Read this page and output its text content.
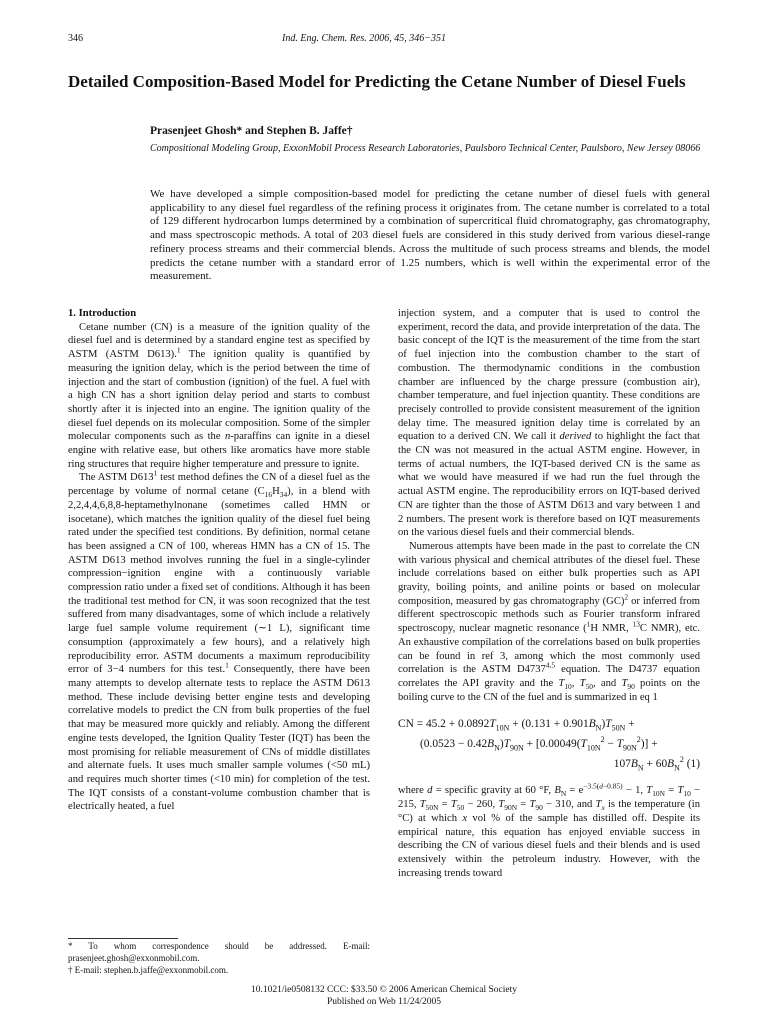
346	Ind. Eng. Chem. Res. 2006, 45, 346−351
Detailed Composition-Based Model for Predicting the Cetane Number of Diesel Fuels
Prasenjeet Ghosh* and Stephen B. Jaffe†
Compositional Modeling Group, ExxonMobil Process Research Laboratories, Paulsboro Technical Center, Paulsboro, New Jersey 08066
We have developed a simple composition-based model for predicting the cetane number of diesel fuels with general applicability to any diesel fuel regardless of the refining process it originates from. The cetane number is correlated to a total of 129 different hydrocarbon lumps determined by a combination of supercritical fluid chromatography, gas chromatography, and mass spectroscopic methods. A total of 203 diesel fuels are considered in this study derived from various diesel-range refinery process streams and their commercial blends. Across the multitude of such process streams and blends, the model predicts the cetane number with a standard error of 1.25 numbers, which is well within the experimental error of the measurement.
1. Introduction

Cetane number (CN) is a measure of the ignition quality of the diesel fuel and is determined by a standard engine test as specified by ASTM (ASTM D613).$^1$ The ignition quality is quantified by measuring the ignition delay, which is the period between the time of injection and the start of combustion (ignition) of the fuel. A fuel with a high CN has a short ignition delay period and starts to combust shortly after it is injected into an engine. The ignition quality of the diesel fuel depends on its molecular composition. Some of the simpler molecular components such as the n-paraffins can ignite in a diesel engine with relative ease, but others like aromatics have more stable ring structures that require higher temperature and pressure to ignite.

The ASTM $D613^1$ test method defines the CN of a diesel fuel as the percentage by volume of normal cetane $(C_{16}H_{34})$, in a blend with 2,2,4,4,6,8,8-heptamethylnonane (sometimes called HMN or isocetane), which matches the ignition quality of the diesel fuel being rated under the specified test conditions. By definition, normal cetane has been assigned a CN of 100, whereas HMN has a CN of 15. The ASTM D613 method involves running the fuel in a single-cylinder compression−ignition engine with a continuously variable compression ratio under a fixed set of conditions. Although it has been the traditional test method for CN, it was soon recognized that the test suffered from many disadvantages, some of which include a relatively large fuel sample volume requirement (∼1 L), significant time consumption (approximately a few hours), and a relatively high reproducibility error. ASTM documents a maximum reproducibility error of 3−4 numbers for this test.$^1$ Consequently, there have been many attempts to develop alternate tests to replace the ASTM D613 method. These include devising better engine tests and developing correlative models to predict the CN from bulk properties of the fuel that may be measured more quickly and reliably. Among the different engine tests developed, the Ignition Quality Tester (IQT) has been the most promising for reliable measurement of CNs of middle distillates and alternate fuels. It uses much smaller sample volumes (<50 mL) and requires much shorter times (<10 min) for completion of the test. The IQT consists of a constant-volume combustion chamber that is electrically heated, a fuel

* To whom correspondence should be addressed. E-mail: prasenjeet.ghosh@exxonmobil.com.

† E-mail: stephen.b.jaffe@exxonmobil.com.

injection system, and a computer that is used to control the experiment, record the data, and provide interpretation of the data. The basic concept of the IQT is the measurement of the time from the start of fuel injection into the combustion chamber to the start of combustion. The thermodynamic conditions in the combustion chamber are influenced by the charge pressure (combustion air), chamber temperature, and fuel injection quantity. These conditions are precisely controlled to provide consistent measurement of the ignition delay time. The measured ignition delay time is correlated by an equation to a derived CN. We call it derived to highlight the fact that the CN was not measured in the actual ASTM engine. However, in terms of actual numbers, the IQT-based derived CN is the same as what we would have measured if we had run the fuel through the actual ASTM engine. The reproducibility errors on IQT-based derived CN are tighter than the those of ASTM D613 and vary between 1 and 2 numbers. The present work is therefore based on IQT measurements on the various diesel fuels and their commercial blends.

Numerous attempts have been made in the past to correlate the CN with various physical and chemical attributes of the diesel fuel. These include correlations based on either bulk properties such as API gravity, boiling points, and aniline points or based on molecular composition, measured by gas chromatography (GC)$^2$ or inferred from different spectroscopic methods such as Fourier transform infrared spectroscopy, nuclear magnetic resonance ($^1$H NMR, $^{13}$C NMR), etc. An exhaustive compilation of the correlations based on bulk properties can be found in ref 3, among which the most commonly used correlation is the ASTM D4737$^{4,5}$ equation. The D4737 equation correlates the API gravity and the $T_{10}$, $T_{50}$, and $T_{90}$ points on the boiling curve to the CN of the fuel and is summarized in eq 1

CN = $45.2 + 0.0892T_{10N} + (0.131 + 0.901B_N)T_{50N}$ +
$(0.0523 - 0.42B_N)T_{90N} + [0.00049(T_{10N}^2 - T_{90N}^2)]$ +
$107B_N + 60B_N^2$ (1)

where d = specific gravity at 60 °F, $B_N = e^{-3.5(d-0.85)} - 1$, $T_{10N} = T_{10} - 215$, $T_{50N} = T_{50} - 260$, $T_{90N} = T_{90} - 310$, and $T_x$ is the temperature (in °C) at which x vol % of the sample has distilled off. Despite its empirical nature, this equation has enjoyed enviable success in describing the CN of various diesel fuels and their blends and is used extensively within the petroleum industry. However, with the increasing trends toward

10.1021/ie0508132 CCC: $33.50 © 2006 American Chemical Society
Published on Web 11/24/2005
